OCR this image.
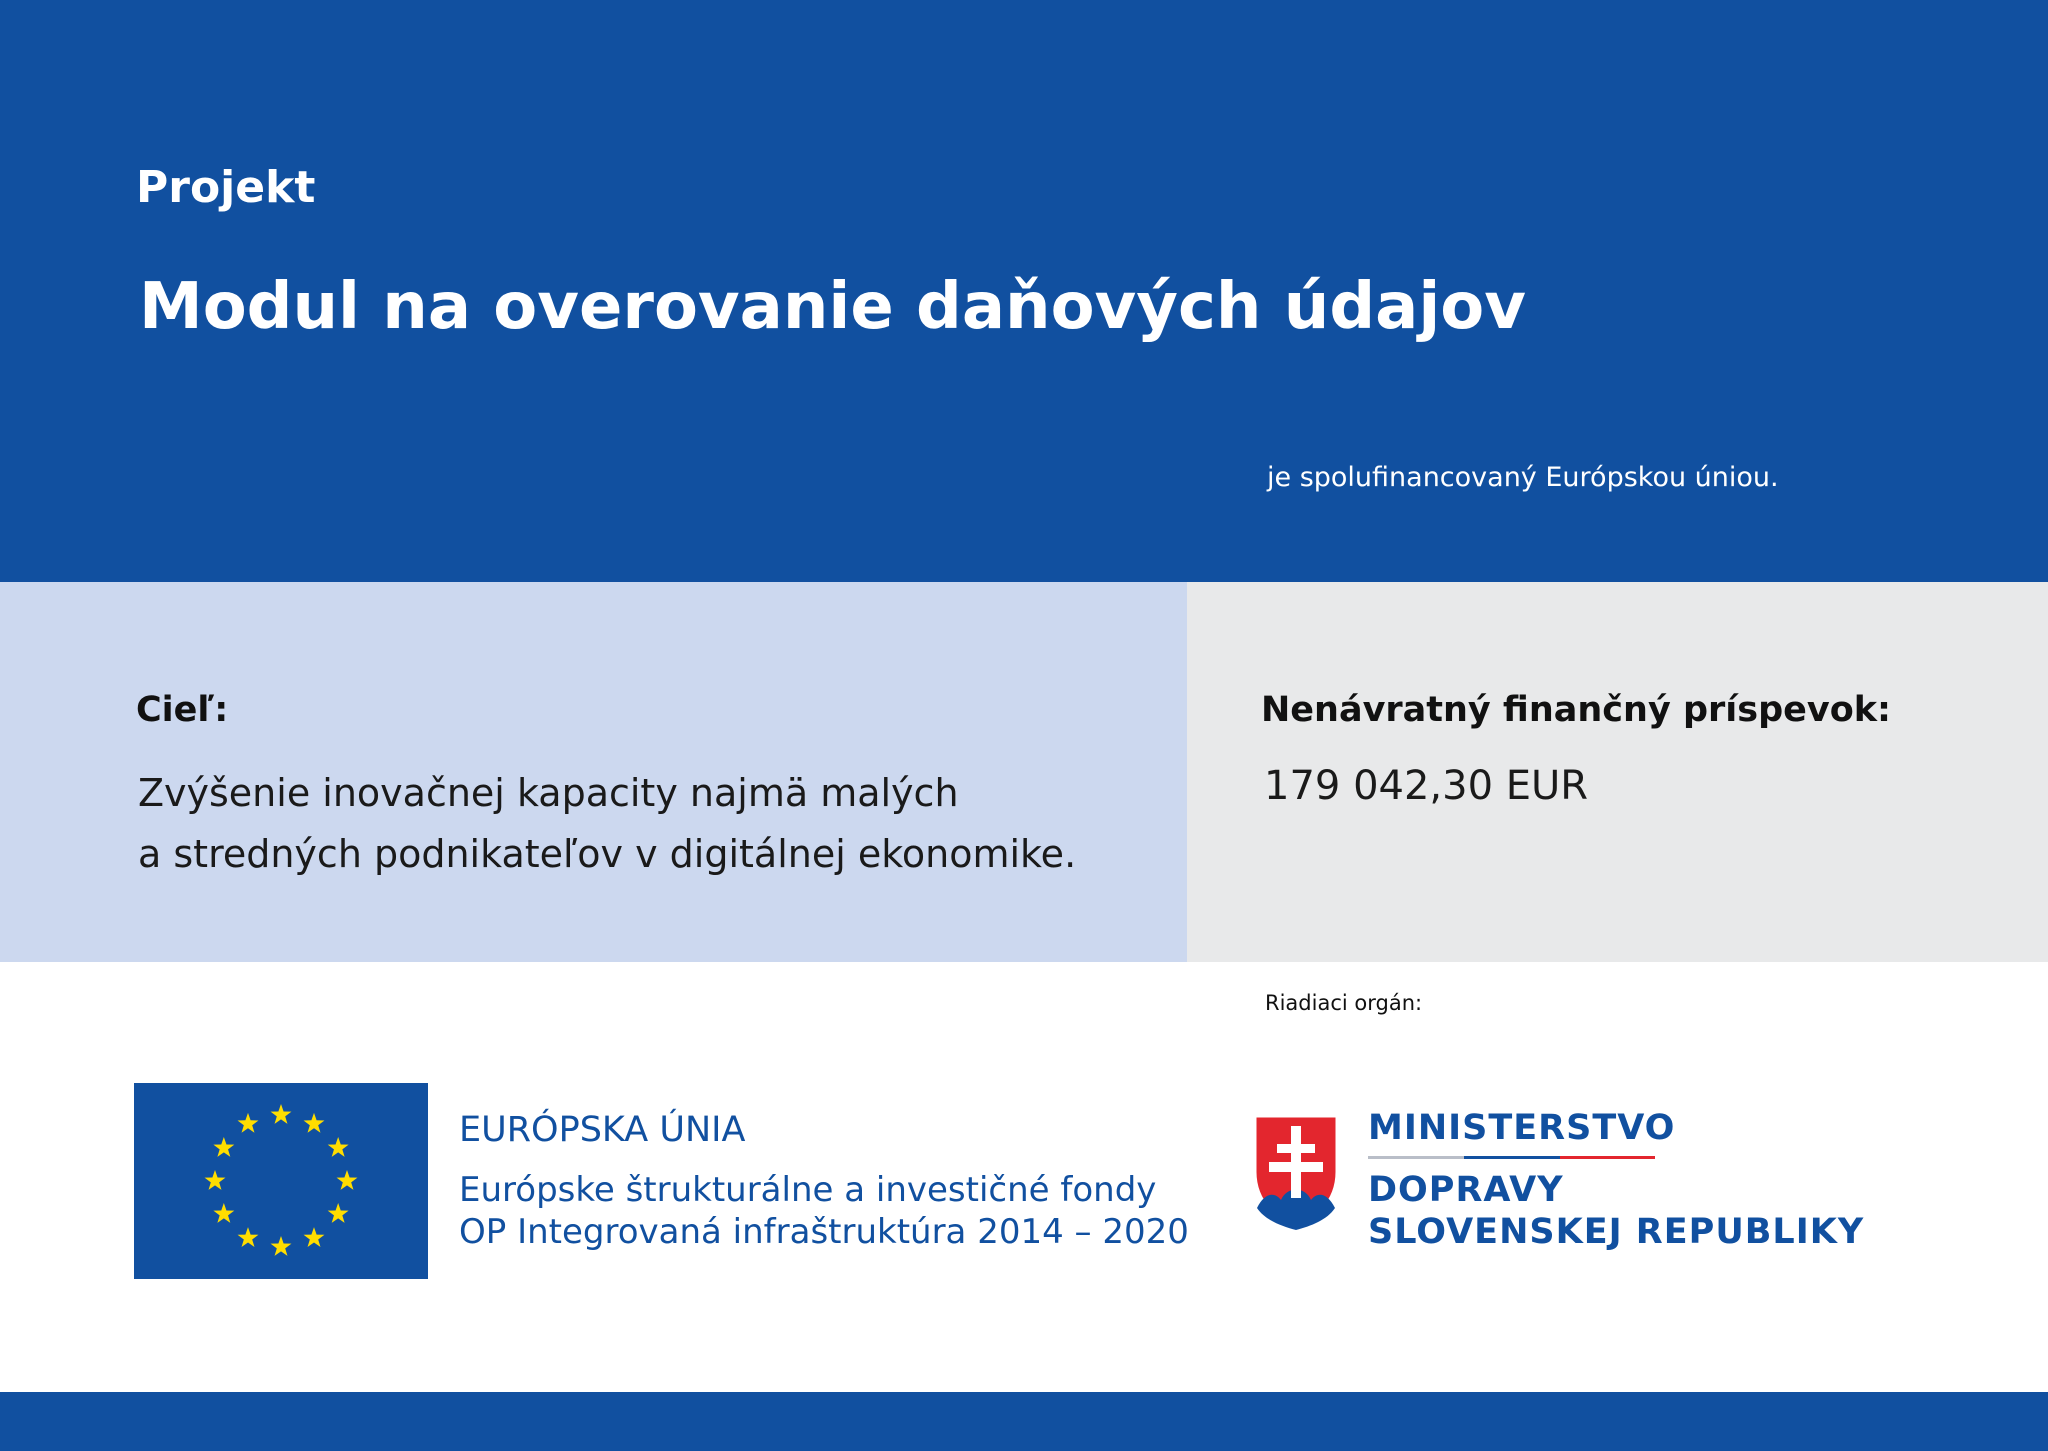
Projekt
Modul na overovanie daňových údajov
je spolufinancovaný Európskou úniou.
Cieľ:
Zvýšenie inovačnej kapacity najmä malých
a stredných podnikateľov v digitálnej ekonomike.
Nenávratný finančný príspevok:
179 042,30 EUR
Riadiaci orgán:
EURÓPSKA ÚNIA
Európske štrukturálne a investičné fondy
OP Integrovaná infraštruktúra 2014 – 2020
MINISTERSTVO
DOPRAVY
SLOVENSKEJ REPUBLIKY
